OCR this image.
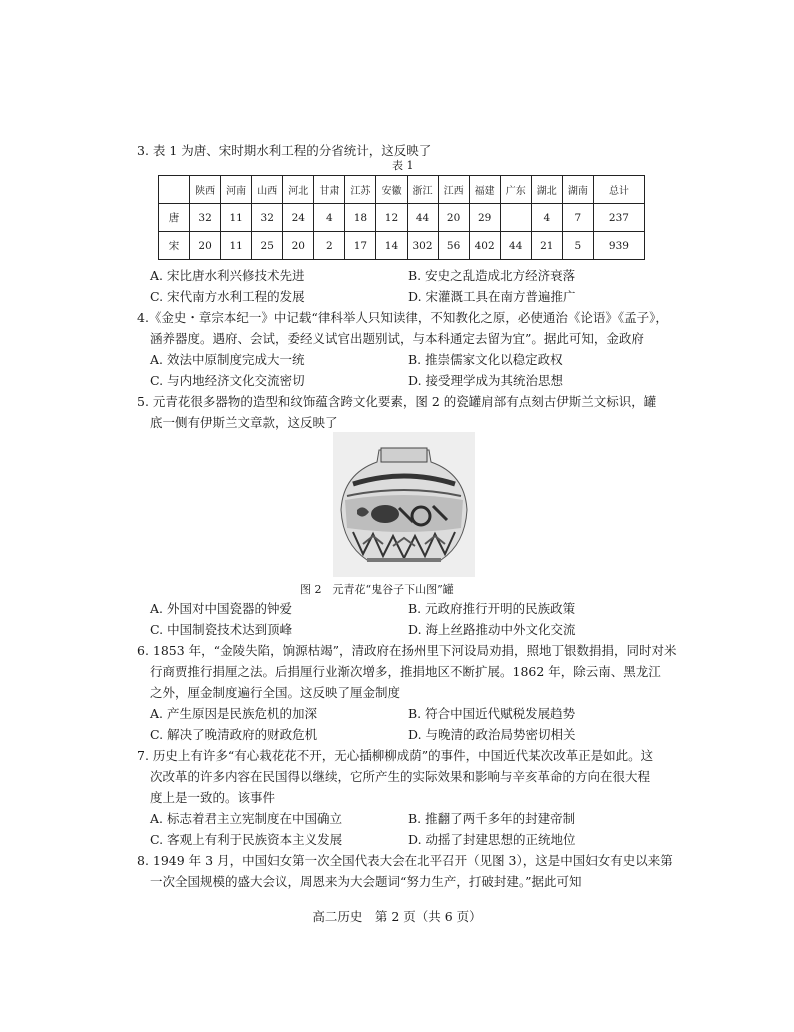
3. 表 1 为唐、宋时期水利工程的分省统计，这反映了
表 1
	陕西	河南	山西	河北	甘肃	江苏	安徽	浙江	江西	福建	广东	湖北	湖南	总计
唐	32	11	32	24	4	18	12	44	20	29		4	7	237
宋	20	11	25	20	2	17	14	302	56	402	44	21	5	939
A. 宋比唐水利兴修技术先进	B. 安史之乱造成北方经济衰落
C. 宋代南方水利工程的发展	D. 宋灌溉工具在南方普遍推广
4.《金史・章宗本纪一》中记载“律科举人只知读律，不知教化之原，必使通治《论语》《孟子》，
涵养器度。遇府、会试，委经义试官出题别试，与本科通定去留为宜”。据此可知，金政府
A. 效法中原制度完成大一统	B. 推崇儒家文化以稳定政权
C. 与内地经济文化交流密切	D. 接受理学成为其统治思想
5. 元青花很多器物的造型和纹饰蕴含跨文化要素，图 2 的瓷罐肩部有点刻古伊斯兰文标识，罐
底一侧有伊斯兰文章款，这反映了
图 2　元青花“鬼谷子下山图”罐
A. 外国对中国瓷器的钟爱	B. 元政府推行开明的民族政策
C. 中国制瓷技术达到顶峰	D. 海上丝路推动中外文化交流
6. 1853 年，“金陵失陷，饷源枯竭”，清政府在扬州里下河设局劝捐，照地丁银数捐捐，同时对米
行商贾推行捐厘之法。后捐厘行业渐次增多，推捐地区不断扩展。1862 年，除云南、黑龙江
之外，厘金制度遍行全国。这反映了厘金制度
A. 产生原因是民族危机的加深	B. 符合中国近代赋税发展趋势
C. 解决了晚清政府的财政危机	D. 与晚清的政治局势密切相关
7. 历史上有许多“有心栽花花不开，无心插柳柳成荫”的事件，中国近代某次改革正是如此。这
次改革的许多内容在民国得以继续，它所产生的实际效果和影响与辛亥革命的方向在很大程
度上是一致的。该事件
A. 标志着君主立宪制度在中国确立	B. 推翻了两千多年的封建帝制
C. 客观上有利于民族资本主义发展	D. 动摇了封建思想的正统地位
8. 1949 年 3 月，中国妇女第一次全国代表大会在北平召开（见图 3），这是中国妇女有史以来第
一次全国规模的盛大会议，周恩来为大会题词“努力生产，打破封建。”据此可知
高二历史　第 2 页（共 6 页）
